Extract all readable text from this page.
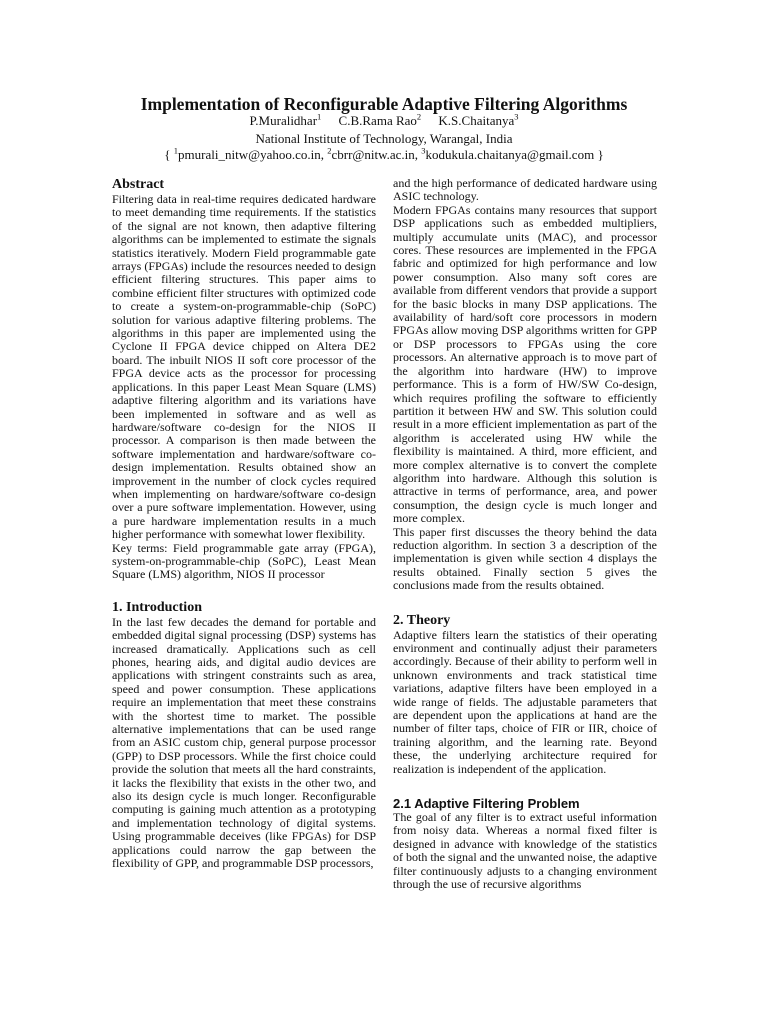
Implementation of Reconfigurable Adaptive Filtering Algorithms
P.Muralidhar$^1$ C.B.Rama Rao$^2$ K.S.Chaitanya$^3$
National Institute of Technology, Warangal, India
{ $^1$pmurali_nitw@yahoo.co.in, $^2$cbrr@nitw.ac.in, $^3$kodukula.chaitanya@gmail.com }
Abstract

Filtering data in real-time requires dedicated hardware to meet demanding time requirements. If the statistics of the signal are not known, then adaptive filtering algorithms can be implemented to estimate the signals statistics iteratively. Modern Field programmable gate arrays (FPGAs) include the resources needed to design efficient filtering structures. This paper aims to combine efficient filter structures with optimized code to create a system-on-programmable-chip (SoPC) solution for various adaptive filtering problems. The algorithms in this paper are implemented using the Cyclone II FPGA device chipped on Altera DE2 board. The inbuilt NIOS II soft core processor of the FPGA device acts as the processor for processing applications. In this paper Least Mean Square (LMS) adaptive filtering algorithm and its variations have been implemented in software and as well as hardware/software co-design for the NIOS II processor. A comparison is then made between the software implementation and hardware/software co-design implementation. Results obtained show an improvement in the number of clock cycles required when implementing on hardware/software co-design over a pure software implementation. However, using a pure hardware implementation results in a much higher performance with somewhat lower flexibility.

Key terms: Field programmable gate array (FPGA), system-on-programmable-chip (SoPC), Least Mean Square (LMS) algorithm, NIOS II processor

1. Introduction

In the last few decades the demand for portable and embedded digital signal processing (DSP) systems has increased dramatically. Applications such as cell phones, hearing aids, and digital audio devices are applications with stringent constraints such as area, speed and power consumption. These applications require an implementation that meet these constrains with the shortest time to market. The possible alternative implementations that can be used range from an ASIC custom chip, general purpose processor (GPP) to DSP processors. While the first choice could provide the solution that meets all the hard constraints, it lacks the flexibility that exists in the other two, and also its design cycle is much longer. Reconfigurable computing is gaining much attention as a prototyping and implementation technology of digital systems. Using programmable deceives (like FPGAs) for DSP applications could narrow the gap between the flexibility of GPP, and programmable DSP processors,

and the high performance of dedicated hardware using ASIC technology.

Modern FPGAs contains many resources that support DSP applications such as embedded multipliers, multiply accumulate units (MAC), and processor cores. These resources are implemented in the FPGA fabric and optimized for high performance and low power consumption. Also many soft cores are available from different vendors that provide a support for the basic blocks in many DSP applications. The availability of hard/soft core processors in modern FPGAs allow moving DSP algorithms written for GPP or DSP processors to FPGAs using the core processors. An alternative approach is to move part of the algorithm into hardware (HW) to improve performance. This is a form of HW/SW Co-design, which requires profiling the software to efficiently partition it between HW and SW. This solution could result in a more efficient implementation as part of the algorithm is accelerated using HW while the flexibility is maintained. A third, more efficient, and more complex alternative is to convert the complete algorithm into hardware. Although this solution is attractive in terms of performance, area, and power consumption, the design cycle is much longer and more complex.

This paper first discusses the theory behind the data reduction algorithm. In section 3 a description of the implementation is given while section 4 displays the results obtained. Finally section 5 gives the conclusions made from the results obtained.

2. Theory

Adaptive filters learn the statistics of their operating environment and continually adjust their parameters accordingly. Because of their ability to perform well in unknown environments and track statistical time variations, adaptive filters have been employed in a wide range of fields. The adjustable parameters that are dependent upon the applications at hand are the number of filter taps, choice of FIR or IIR, choice of training algorithm, and the learning rate. Beyond these, the underlying architecture required for realization is independent of the application.

2.1 Adaptive Filtering Problem

The goal of any filter is to extract useful information from noisy data. Whereas a normal fixed filter is designed in advance with knowledge of the statistics of both the signal and the unwanted noise, the adaptive filter continuously adjusts to a changing environment through the use of recursive algorithms
